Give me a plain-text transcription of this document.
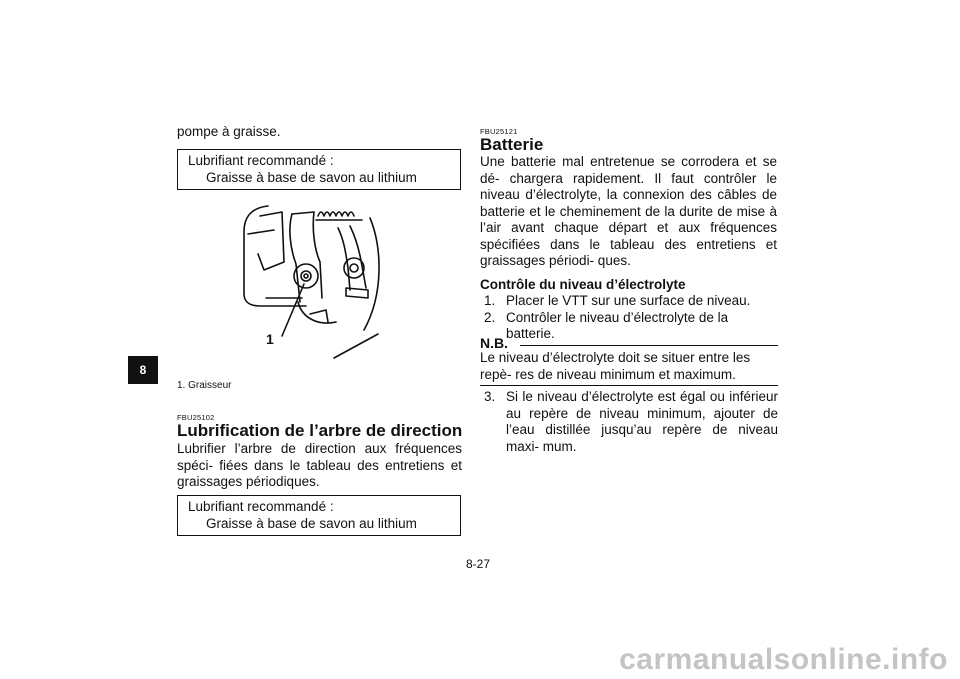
8
pompe à graisse.
Lubrifiant recommandé :
Graisse à base de savon au lithium
1
1. Graisseur
FBU25102
Lubrification de l’arbre de direction
Lubrifier l’arbre de direction aux fréquences spéci- fiées dans le tableau des entretiens et graissages périodiques.
Lubrifiant recommandé :
Graisse à base de savon au lithium
FBU25121
Batterie
Une batterie mal entretenue se corrodera et se dé- chargera rapidement. Il faut contrôler le niveau d’électrolyte, la connexion des câbles de batterie et le cheminement de la durite de mise à l’air avant chaque départ et aux fréquences spécifiées dans le tableau des entretiens et graissages périodi- ques.
Contrôle du niveau d’électrolyte
1. Placer le VTT sur une surface de niveau.
2. Contrôler le niveau d’électrolyte de la batterie.
N.B.
Le niveau d’électrolyte doit se situer entre les repè- res de niveau minimum et maximum.
3. Si le niveau d’électrolyte est égal ou inférieur au repère de niveau minimum, ajouter de l’eau distillée jusqu’au repère de niveau maxi- mum.
8-27
carmanualsonline.info
